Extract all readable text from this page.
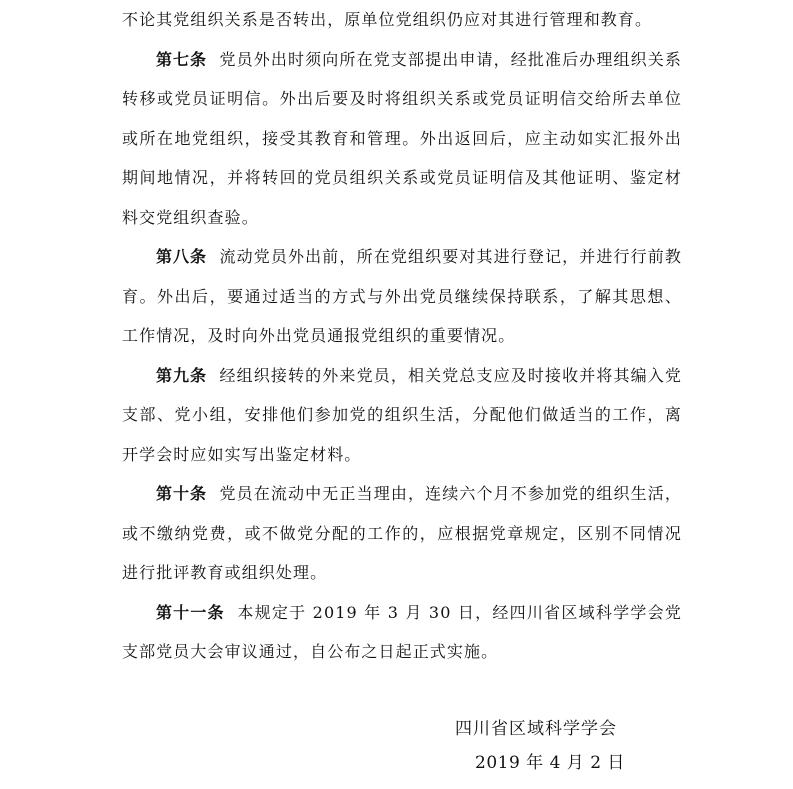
不论其党组织关系是否转出，原单位党组织仍应对其进行管理和教育。

第七条 党员外出时须向所在党支部提出申请，经批准后办理组织关系转移或党员证明信。外出后要及时将组织关系或党员证明信交给所去单位或所在地党组织，接受其教育和管理。外出返回后，应主动如实汇报外出期间地情况，并将转回的党员组织关系或党员证明信及其他证明、鉴定材料交党组织查验。

第八条 流动党员外出前，所在党组织要对其进行登记，并进行行前教育。外出后，要通过适当的方式与外出党员继续保持联系，了解其思想、工作情况，及时向外出党员通报党组织的重要情况。

第九条 经组织接转的外来党员，相关党总支应及时接收并将其编入党支部、党小组，安排他们参加党的组织生活，分配他们做适当的工作，离开学会时应如实写出鉴定材料。

第十条 党员在流动中无正当理由，连续六个月不参加党的组织生活，或不缴纳党费，或不做党分配的工作的，应根据党章规定，区别不同情况进行批评教育或组织处理。

第十一条 本规定于 2019 年 3 月 30 日，经四川省区域科学学会党支部党员大会审议通过，自公布之日起正式实施。

四川省区域科学学会
2019 年 4 月 2 日
